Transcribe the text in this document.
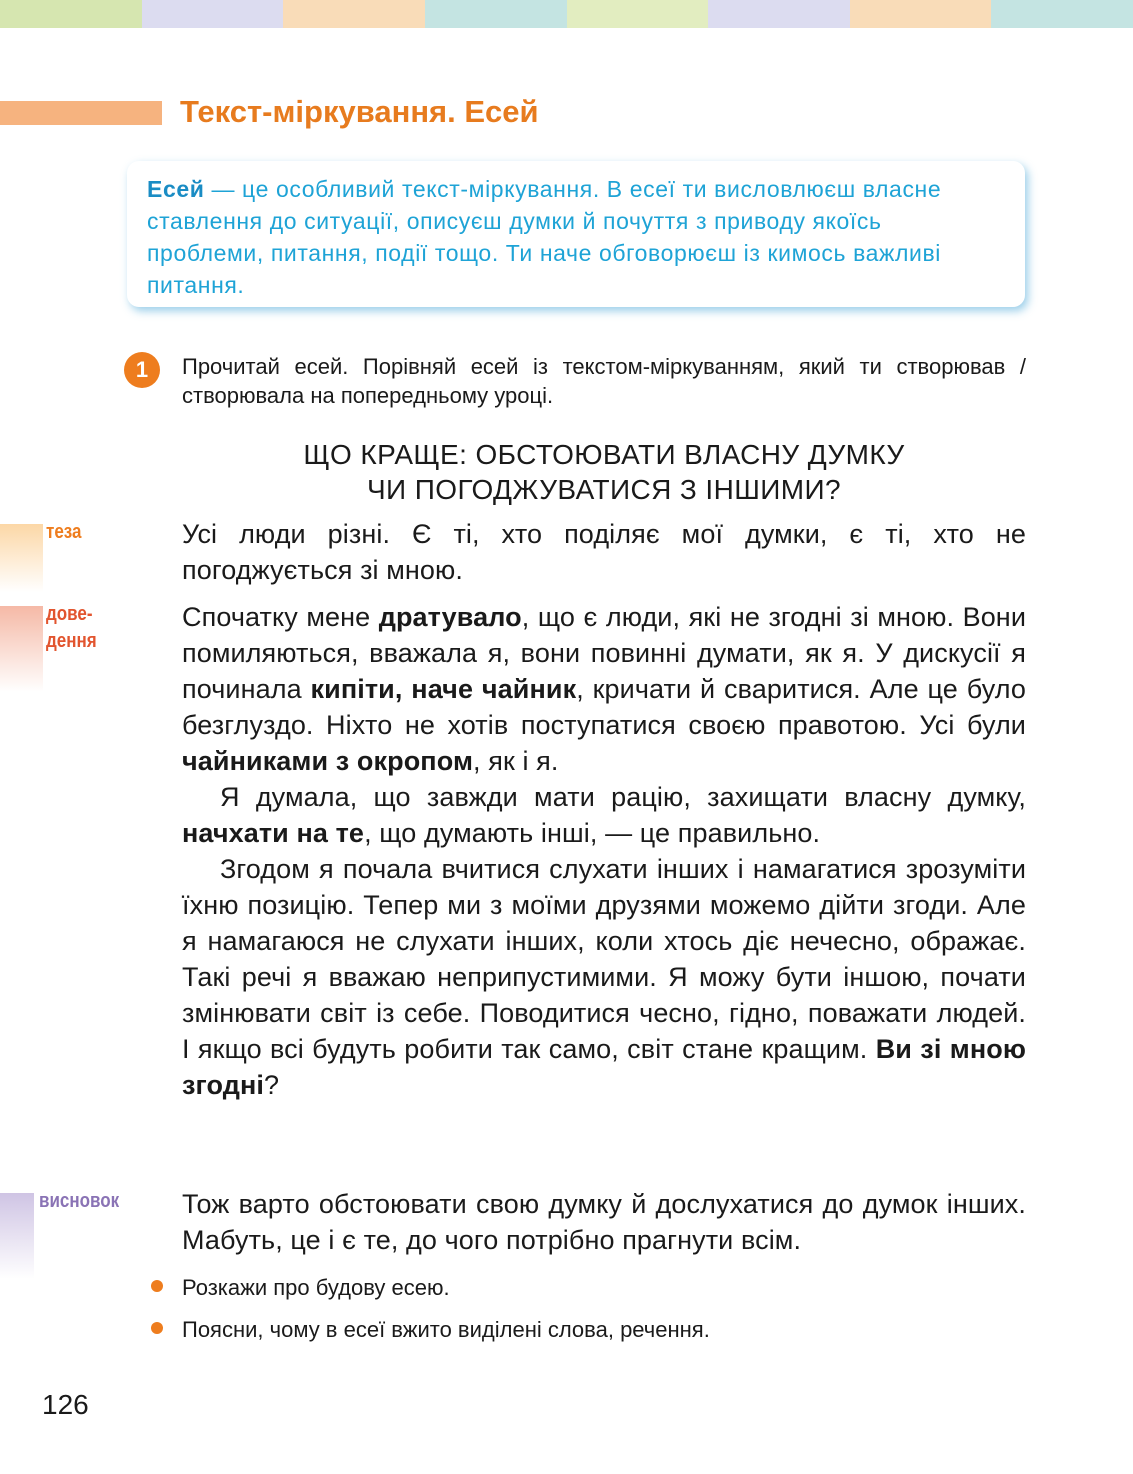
Текст-міркування. Есей
Есей — це особливий текст-міркування. В есеї ти висловлюєш власне ставлення до ситуації, описуєш думки й почуття з приводу якоїсь проблеми, питання, події тощо. Ти наче обговорюєш із кимось важливі питання.
1	Прочитай есей. Порівняй есей із текстом-міркуванням, який ти створював / створювала на попередньому уроці.
ЩО КРАЩЕ: ОБСТОЮВАТИ ВЛАСНУ ДУМКУ
ЧИ ПОГОДЖУВАТИСЯ З ІНШИМИ?
теза
дове-
дення
висновок
Усі люди різні. Є ті, хто поділяє мої думки, є ті, хто не погоджується зі мною.

Спочатку мене дратувало, що є люди, які не згодні зі мною. Вони помиляються, вважала я, вони повинні думати, як я. У дискусії я починала кипіти, наче чайник, кричати й сваритися. Але це було безглуздо. Ніхто не хотів поступатися своєю правотою. Усі були чайниками з окропом, як і я.

Я думала, що завжди мати рацію, захищати власну думку, начхати на те, що думають інші, — це правильно.

Згодом я почала вчитися слухати інших і намагатися зрозуміти їхню позицію. Тепер ми з моїми друзями можемо дійти згоди. Але я намагаюся не слухати інших, коли хтось діє нечесно, ображає. Такі речі я вважаю неприпустимими. Я можу бути іншою, почати змінювати світ із себе. Поводитися чесно, гідно, поважати людей. І якщо всі будуть робити так само, світ стане кращим. Ви зі мною згодні?

Тож варто обстоювати свою думку й дослухатися до думок інших. Мабуть, це і є те, до чого потрібно прагнути всім.
Розкажи про будову есею.
Поясни, чому в есеї вжито виділені слова, речення.
126
